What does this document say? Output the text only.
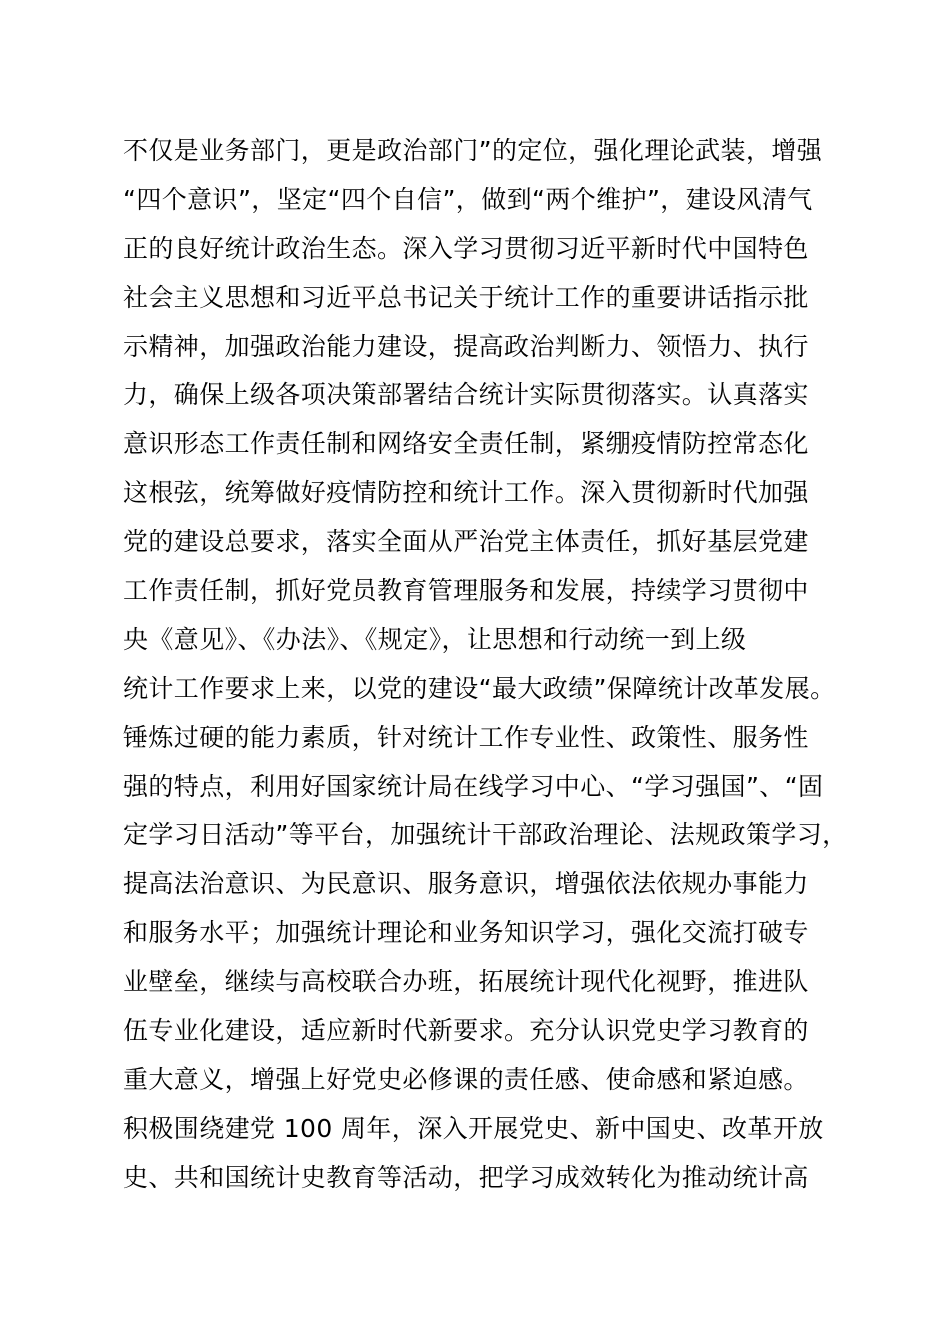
不仅是业务部门，更是政治部门”的定位，强化理论武装，增强
“四个意识”，坚定“四个自信”，做到“两个维护”，建设风清气
正的良好统计政治生态。深入学习贯彻习近平新时代中国特色
社会主义思想和习近平总书记关于统计工作的重要讲话指示批
示精神，加强政治能力建设，提高政治判断力、领悟力、执行
力，确保上级各项决策部署结合统计实际贯彻落实。认真落实
意识形态工作责任制和网络安全责任制，紧绷疫情防控常态化
这根弦，统筹做好疫情防控和统计工作。深入贯彻新时代加强
党的建设总要求，落实全面从严治党主体责任，抓好基层党建
工作责任制，抓好党员教育管理服务和发展，持续学习贯彻中
央《意见》、《办法》、《规定》，让思想和行动统一到上级
统计工作要求上来，以党的建设“最大政绩”保障统计改革发展。
锤炼过硬的能力素质，针对统计工作专业性、政策性、服务性
强的特点，利用好国家统计局在线学习中心、“学习强国”、“固
定学习日活动”等平台，加强统计干部政治理论、法规政策学习，
提高法治意识、为民意识、服务意识，增强依法依规办事能力
和服务水平；加强统计理论和业务知识学习，强化交流打破专
业壁垒，继续与高校联合办班，拓展统计现代化视野，推进队
伍专业化建设，适应新时代新要求。充分认识党史学习教育的
重大意义，增强上好党史必修课的责任感、使命感和紧迫感。
积极围绕建党 100 周年，深入开展党史、新中国史、改革开放
史、共和国统计史教育等活动，把学习成效转化为推动统计高
